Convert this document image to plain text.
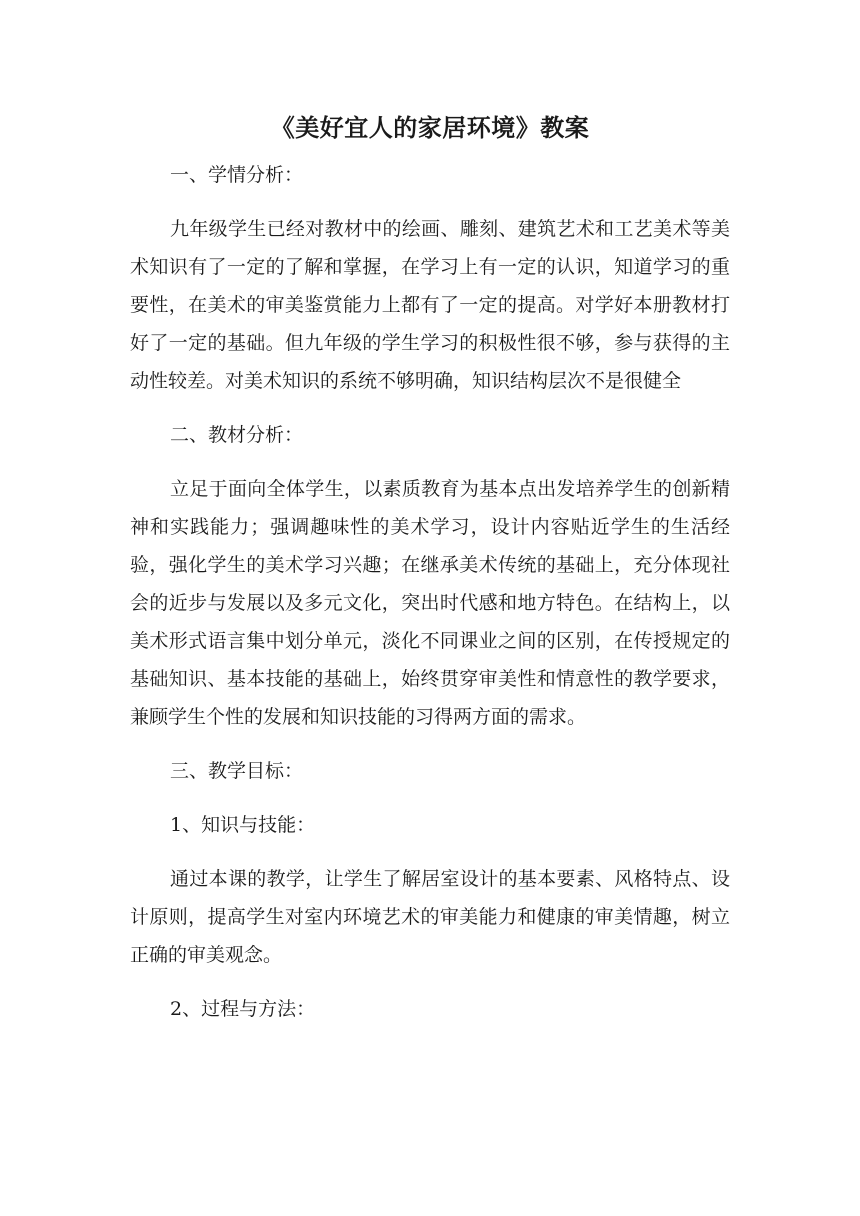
《美好宜人的家居环境》教案

一、学情分析：

九年级学生已经对教材中的绘画、雕刻、建筑艺术和工艺美术等美术知识有了一定的了解和掌握，在学习上有一定的认识，知道学习的重要性，在美术的审美鉴赏能力上都有了一定的提高。对学好本册教材打好了一定的基础。但九年级的学生学习的积极性很不够，参与获得的主动性较差。对美术知识的系统不够明确，知识结构层次不是很健全

二、教材分析：

立足于面向全体学生，以素质教育为基本点出发培养学生的创新精神和实践能力；强调趣味性的美术学习，设计内容贴近学生的生活经验，强化学生的美术学习兴趣；在继承美术传统的基础上，充分体现社会的近步与发展以及多元文化，突出时代感和地方特色。在结构上，以美术形式语言集中划分单元，淡化不同课业之间的区别，在传授规定的基础知识、基本技能的基础上，始终贯穿审美性和情意性的教学要求，兼顾学生个性的发展和知识技能的习得两方面的需求。

三、教学目标：

1、知识与技能：

通过本课的教学，让学生了解居室设计的基本要素、风格特点、设计原则，提高学生对室内环境艺术的审美能力和健康的审美情趣，树立正确的审美观念。

2、过程与方法：
